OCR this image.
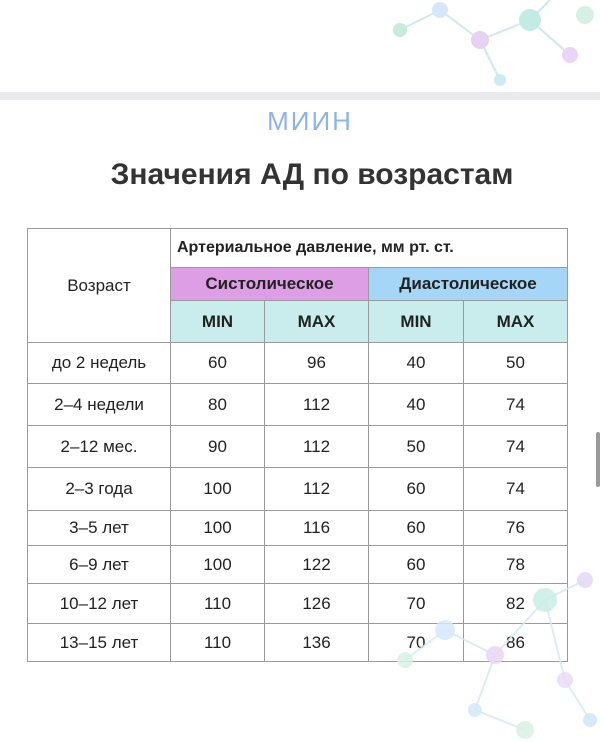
МИИН
Значения АД по возрастам
Возраст	Артериальное давление, мм рт. ст.			
	Систолическое		Диастолическое	
	MIN	MAX	MIN	MAX
до 2 недель	60	96	40	50
2–4 недели	80	112	40	74
2–12 мес.	90	112	50	74
2–3 года	100	112	60	74
3–5 лет	100	116	60	76
6–9 лет	100	122	60	78
10–12 лет	110	126	70	82
13–15 лет	110	136	70	86
